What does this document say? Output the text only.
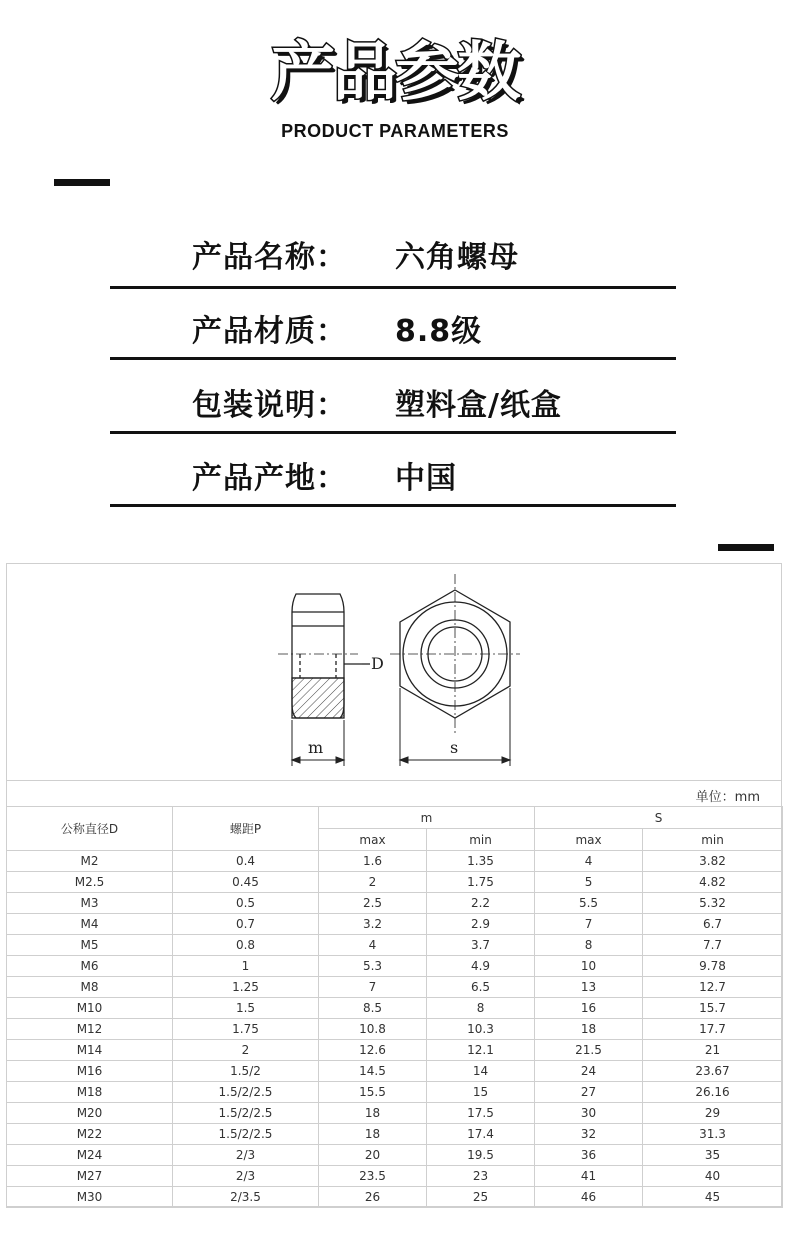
产品参数
PRODUCT PARAMETERS
产品名称： 六角螺母
产品材质： 8.8级
包装说明： 塑料盒/纸盒
产品产地： 中国
D
m	s
单位：mm
公称直径D	螺距P	m		S	
		max	min	max	min
M2	0.4	1.6	1.35	4	3.82
M2.5	0.45	2	1.75	5	4.82
M3	0.5	2.5	2.2	5.5	5.32
M4	0.7	3.2	2.9	7	6.7
M5	0.8	4	3.7	8	7.7
M6	1	5.3	4.9	10	9.78
M8	1.25	7	6.5	13	12.7
M10	1.5	8.5	8	16	15.7
M12	1.75	10.8	10.3	18	17.7
M14	2	12.6	12.1	21.5	21
M16	1.5/2	14.5	14	24	23.67
M18	1.5/2/2.5	15.5	15	27	26.16
M20	1.5/2/2.5	18	17.5	30	29
M22	1.5/2/2.5	18	17.4	32	31.3
M24	2/3	20	19.5	36	35
M27	2/3	23.5	23	41	40
M30	2/3.5	26	25	46	45
